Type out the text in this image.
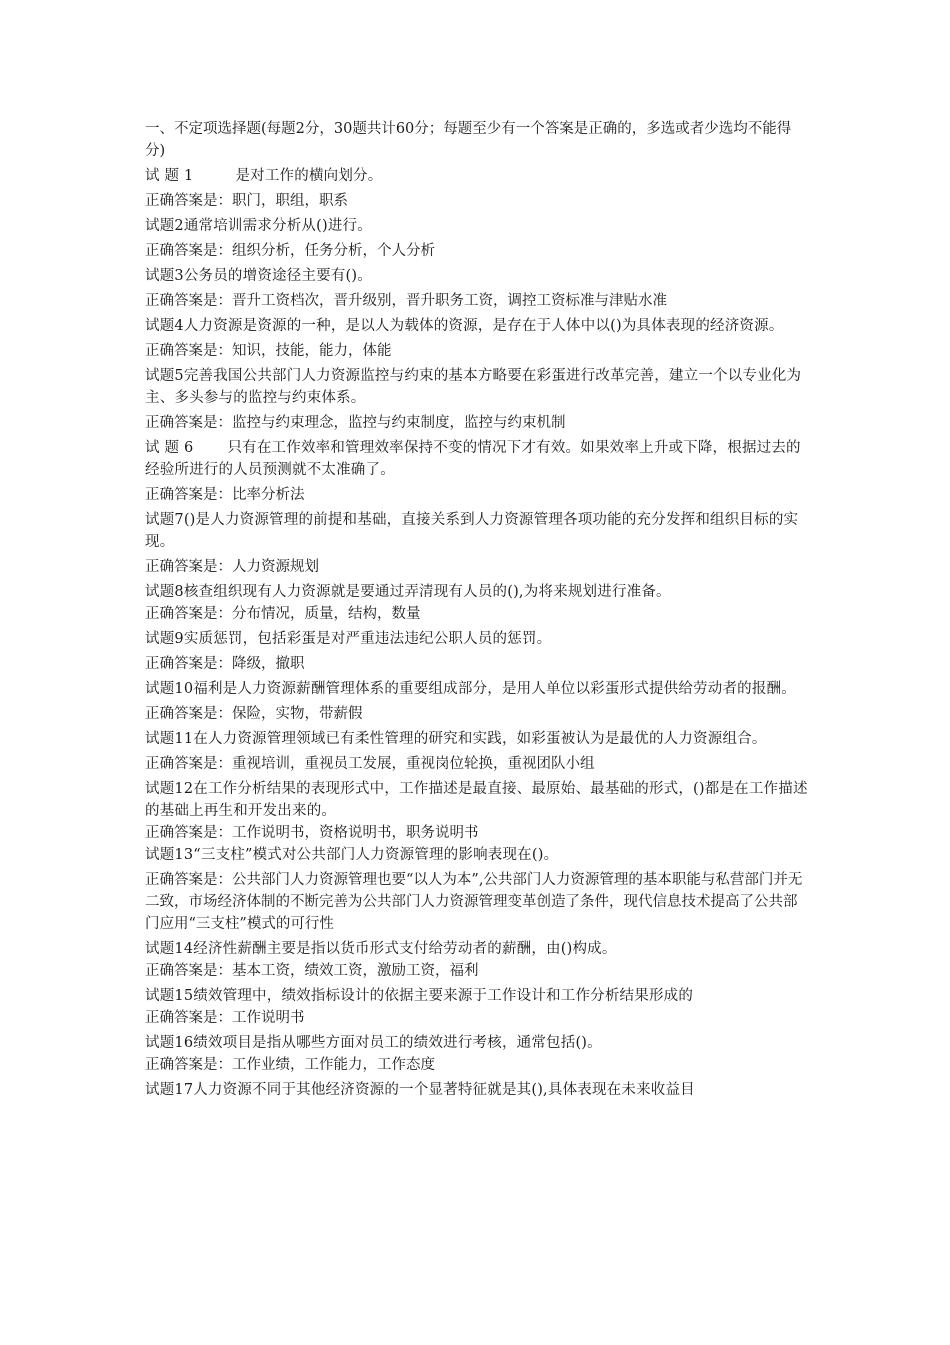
一、不定项选择题(每题2分，30题共计60分；每题至少有一个答案是正确的，多选或者少选均不能得分)
试 题 1	是对工作的横向划分。
正确答案是：职门，职组，职系
试题2通常培训需求分析从()进行。
正确答案是：组织分析，任务分析，个人分析
试题3公务员的增资途径主要有()。
正确答案是：晋升工资档次，晋升级别，晋升职务工资，调控工资标准与津贴水准
试题4人力资源是资源的一种，是以人为载体的资源，是存在于人体中以()为具体表现的经济资源。
正确答案是：知识，技能，能力，体能
试题5完善我国公共部门人力资源监控与约束的基本方略要在彩蛋进行改革完善，建立一个以专业化为主、多头参与的监控与约束体系。
正确答案是：监控与约束理念，监控与约束制度，监控与约束机制
试 题 6 只有在工作效率和管理效率保持不变的情况下才有效。如果效率上升或下降，根据过去的经验所进行的人员预测就不太准确了。
正确答案是：比率分析法
试题7()是人力资源管理的前提和基础，直接关系到人力资源管理各项功能的充分发挥和组织目标的实现。
正确答案是：人力资源规划
试题8核查组织现有人力资源就是要通过弄清现有人员的(),为将来规划进行准备。
正确答案是：分布情况，质量，结构，数量
试题9实质惩罚，包括彩蛋是对严重违法违纪公职人员的惩罚。
正确答案是：降级，撤职
试题10福利是人力资源薪酬管理体系的重要组成部分，是用人单位以彩蛋形式提供给劳动者的报酬。
正确答案是：保险，实物，带薪假
试题11在人力资源管理领域已有柔性管理的研究和实践，如彩蛋被认为是最优的人力资源组合。
正确答案是：重视培训，重视员工发展，重视岗位轮换，重视团队小组
试题12在工作分析结果的表现形式中，工作描述是最直接、最原始、最基础的形式，()都是在工作描述的基础上再生和开发出来的。
正确答案是：工作说明书，资格说明书，职务说明书
试题13“三支柱”模式对公共部门人力资源管理的影响表现在()。
正确答案是：公共部门人力资源管理也要“以人为本”,公共部门人力资源管理的基本职能与私营部门并无二致，市场经济体制的不断完善为公共部门人力资源管理变革创造了条件，现代信息技术提高了公共部门应用“三支柱”模式的可行性
试题14经济性薪酬主要是指以货币形式支付给劳动者的薪酬，由()构成。
正确答案是：基本工资，绩效工资，激励工资，福利
试题15绩效管理中，绩效指标设计的依据主要来源于工作设计和工作分析结果形成的
正确答案是：工作说明书
试题16绩效项目是指从哪些方面对员工的绩效进行考核，通常包括()。
正确答案是：工作业绩，工作能力，工作态度
试题17人力资源不同于其他经济资源的一个显著特征就是其(),具体表现在未来收益目
